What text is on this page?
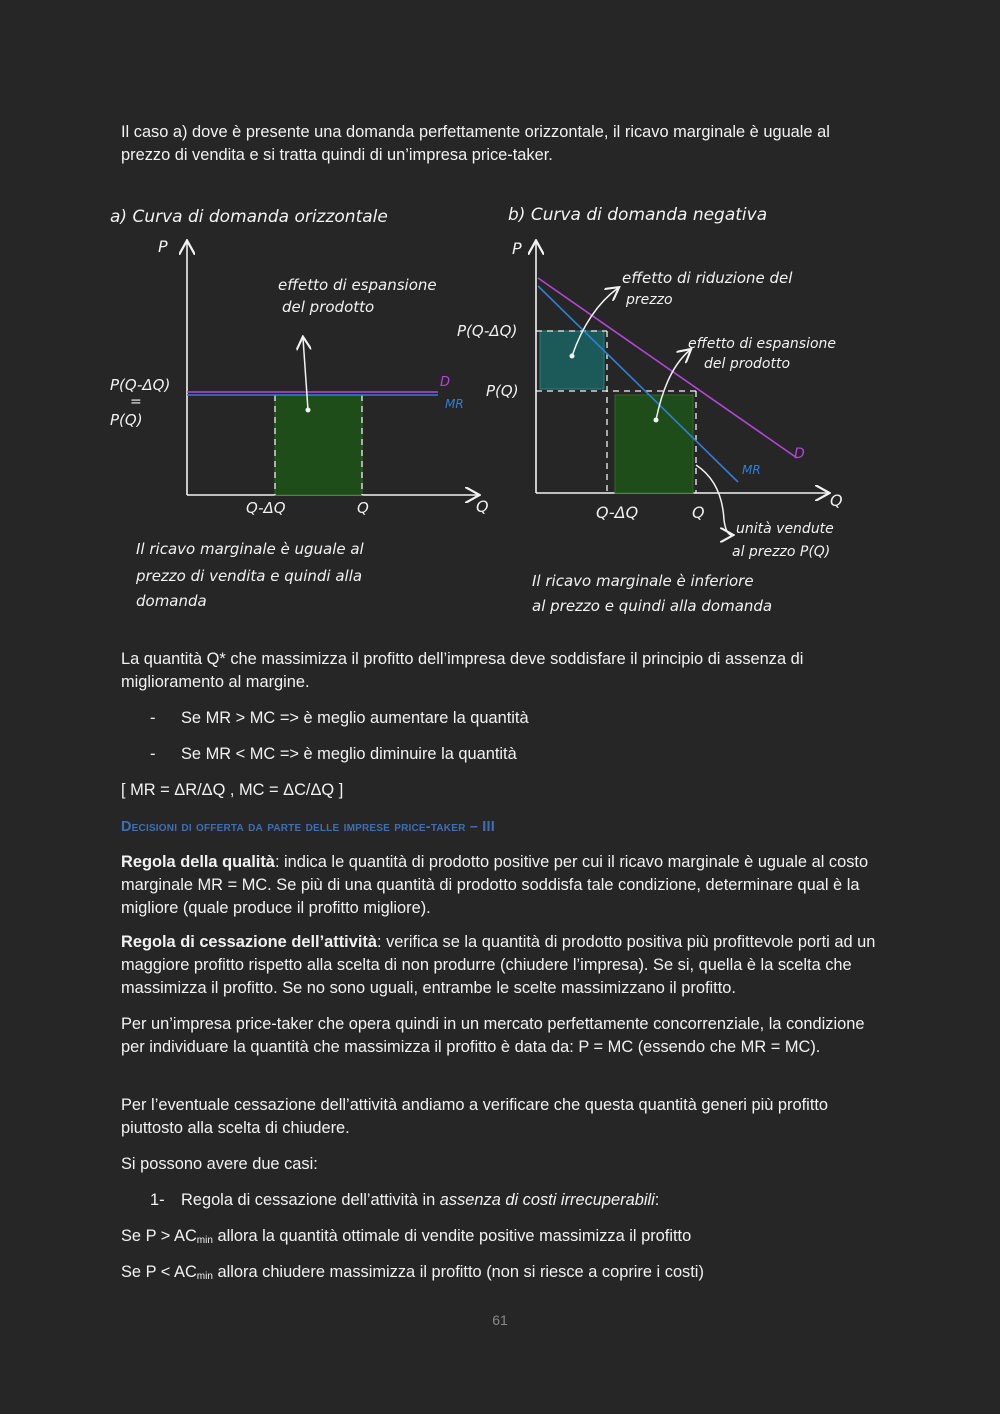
Il caso a) dove è presente una domanda perfettamente orizzontale, il ricavo marginale è uguale al prezzo di vendita e si tratta quindi di un’impresa price-taker.

a) Curva di domanda orizzontale
P
Q
D
MR
P(Q-ΔQ)
=
P(Q)
Q-ΔQ	Q
effetto di espansione
del prodotto
Il ricavo marginale è uguale al
prezzo di vendita e quindi alla
domanda
b) Curva di domanda negativa
P
Q
D
MR
P(Q-ΔQ)
P(Q)
Q-ΔQ	Q
effetto di riduzione del
prezzo
effetto di espansione
del prodotto
unità vendute
al prezzo P(Q)
Il ricavo marginale è inferiore
al prezzo e quindi alla domanda

La quantità Q* che massimizza il profitto dell’impresa deve soddisfare il principio di assenza di miglioramento al margine.

- Se MR > MC => è meglio aumentare la quantità
- Se MR < MC => è meglio diminuire la quantità

[ MR = ΔR/ΔQ , MC = ΔC/ΔQ ]

Decisioni di offerta da parte delle imprese price-taker – III

Regola della qualità: indica le quantità di prodotto positive per cui il ricavo marginale è uguale al costo marginale MR = MC. Se più di una quantità di prodotto soddisfa tale condizione, determinare qual è la migliore (quale produce il profitto migliore).

Regola di cessazione dell’attività: verifica se la quantità di prodotto positiva più profittevole porti ad un maggiore profitto rispetto alla scelta di non produrre (chiudere l’impresa). Se si, quella è la scelta che massimizza il profitto. Se no sono uguali, entrambe le scelte massimizzano il profitto.

Per un’impresa price-taker che opera quindi in un mercato perfettamente concorrenziale, la condizione per individuare la quantità che massimizza il profitto è data da: P = MC (essendo che MR = MC).

Per l’eventuale cessazione dell’attività andiamo a verificare che questa quantità generi più profitto piuttosto alla scelta di chiudere.

Si possono avere due casi:

1- Regola di cessazione dell’attività in assenza di costi irrecuperabili:

Se $P > AC_{min}$ allora la quantità ottimale di vendite positive massimizza il profitto

Se $P < AC_{min}$ allora chiudere massimizza il profitto (non si riesce a coprire i costi)

61
